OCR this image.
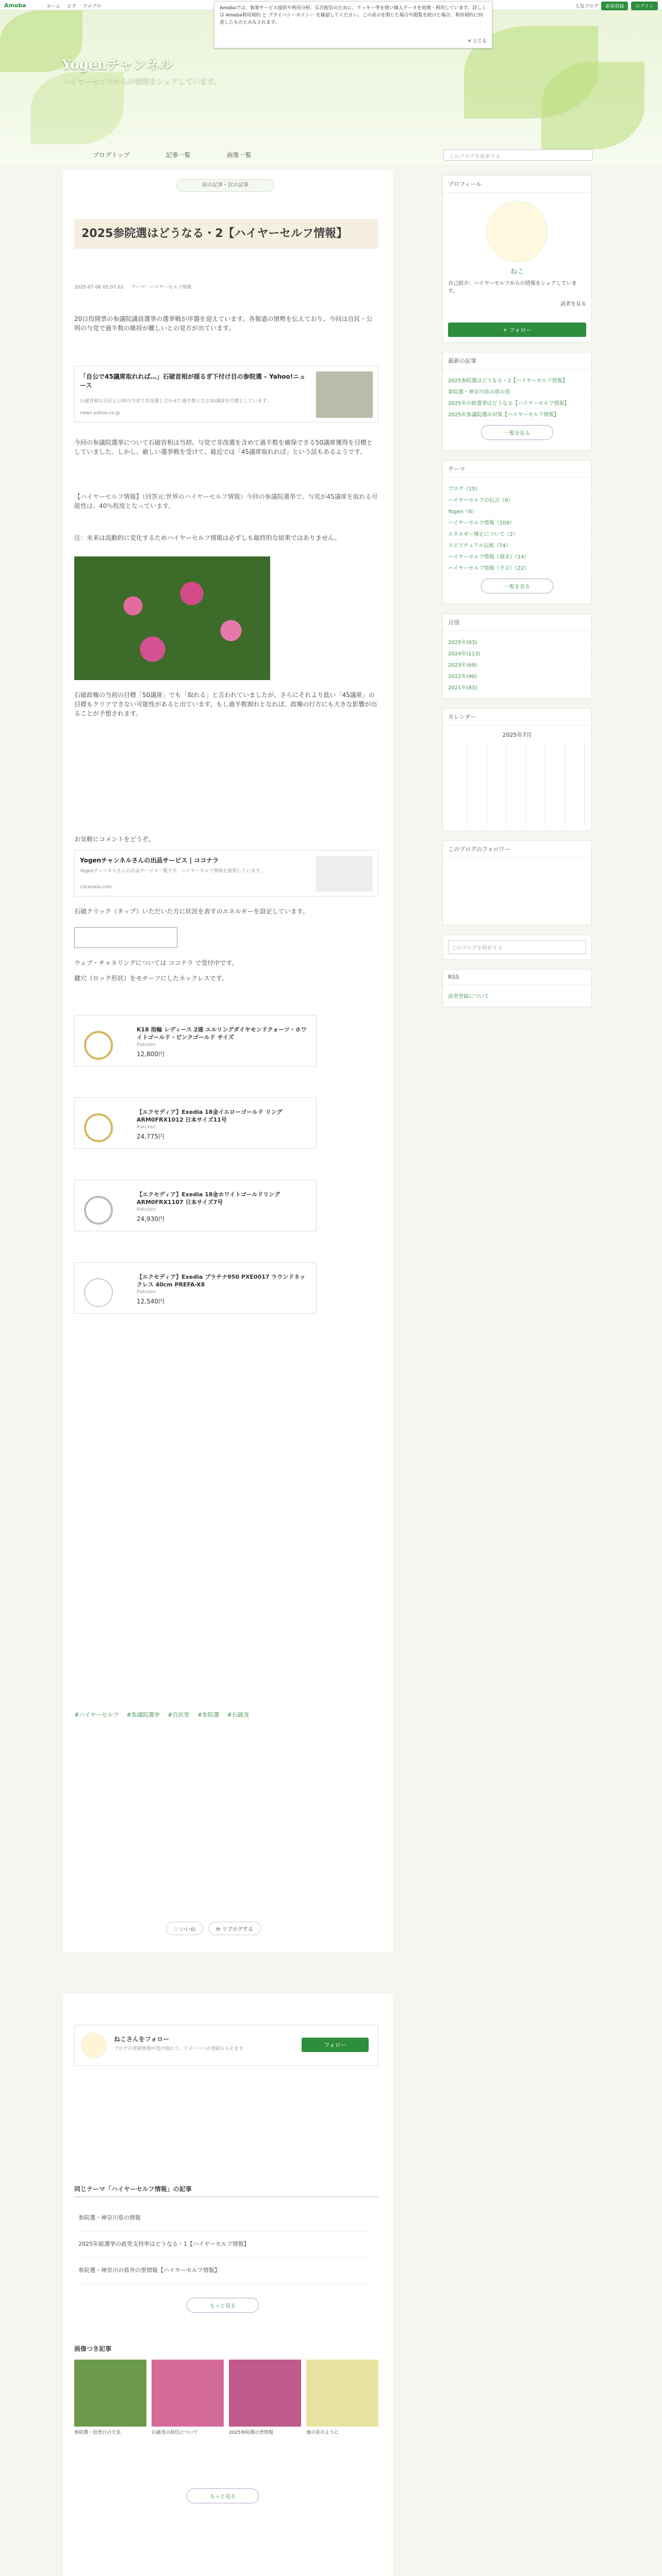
Ameba	ホーム ピグ アメブロ	人気ブログ	新規登録	ログイン
Yogenチャンネル
ハイヤーセルフからの情報をシェアしています。
ブログトップ	記事一覧	画像一覧	このブログを検索する
Amebaでは、執筆サービス提供や利用分析、広告配信のために、クッキー等を使い個人データを処理・利用しています。詳しくは Ameba利用規約 と プライバシーポリシー を確認してください。この表示を閉じた場合や閲覧を続けた場合、利用規約に同意したものとみなされます。
× とじる
前の記事・次の記事
2025参院選はどうなる・2【ハイヤーセルフ情報】
2025-07-06 05:07:02 テーマ：ハイヤーセルフ情報
20日投開票の参議院議員選挙の選挙戦が序盤を迎えています。各報道の情勢を伝えており、今回は自民・公明の与党で過半数の維持が難しいとの見方が出ています。
「自公で45議席取れれば…」石破首相が揺るぎ下付け目の参院選 – Yahoo!ニュース
石破首相は自民と公明の与党で非改選と合わせた過半数となる50議席を目標としています。
news.yahoo.co.jp
今回の参議院選挙について石破首相は当初、与党で非改選を含めて過半数を確保できる50議席獲得を目標としていました。しかし、厳しい選挙戦を受けて、最近では「45議席取れれば」という話もあるようです。
【ハイヤーセルフ情報】（回答元:世界のハイヤーセルフ情報）今回の参議院選挙で、与党が45議席を取れる可能性は、40％程度となっています。
注：未来は流動的に変化するためハイヤーセルフ情報は必ずしも最終的な結果ではありません。
石破政権の当初の目標「50議席」でも「取れる」と言われていましたが、さらにそれより低い「45議席」の目標もクリアできない可能性があると出ています。もし過半数割れとなれば、政権の行方にも大きな影響が出ることが予想されます。
お気軽にコメントをどうぞ。
Yogenチャンネルさんの出品サービス | ココナラ
Yogenチャンネルさんの出品サービス一覧です。ハイヤーセルフ情報を提供しています。
coconala.com
石破クリック（タップ）いただいた方に状況を表すのエネルギーを設定しています。
ウェブ・チャネリングについては ココナラ で受付中です。
鍵穴（ロック形状）をモチーフにしたネックレスです。
K18 指輪 レディース 2連 エルリングダイヤモンドクォーツ・ホワイトゴールド・ピンクゴールド サイズ
Rakuten
12,800円
【エクセディア】Exedia 18金イエローゴールド リング ARM0FRX1012 日本サイズ11号
Rakuten
24,775円
【エクセディア】Exedia 18金ホワイトゴールドリング ARM0FRX1107 日本サイズ7号
Rakuten
24,930円
【エクセディア】Exedia プラチナ950 PXE0017 ラウンドネックレス 40cm PREFA-X8
Rakuten
12,540円
#ハイヤーセルフ #参議院選挙 #自民党 #参院選 #石破茂
♡ いいね	⟳ リブログする
ねこさんをフォロー
ブログの更新情報が受け取れて、アメーバへの登録もらえます
フォロー
同じテーマ「ハイヤーセルフ情報」の記事
参院選・神奈川県の情報
2025年総選挙の政党支持率はどうなる・1【ハイヤーセルフ情報】
参院選・神奈川の県外の票情報【ハイヤーセルフ情報】
もっと見る
画像つき記事
参院選・投票日の天気	石破茂の辞任について	2025参院選の票情報	連の花のように
もっと見る
プロフィール
ねこ
自己紹介：ハイヤーセルフからの情報をシェアしています。
読者を見る
+ フォロー
最新の記事
2025参院選はどうなる・2【ハイヤーセルフ情報】
参院選・神奈川県の票の票
2025年の総選挙はどうなる【ハイヤーセルフ情報】
2025年参議院選の対策【ハイヤーセルフ情報】
一覧を見る
テーマ
ブログ（15）
ハイヤーセルフの伝言（9）
Yogen（6）
ハイヤーセルフ情報（109）
エネルギー修正について（2）
スピリチュアル伝統（74）
ハイヤーセルフ情報（週末）（14）
ハイヤーセルフ情報（予言）（22）
一覧を見る
月別
2025年(93)
2024年(113)
2023年(69)
2022年(90)
2021年(83)
カレンダー
2025年7月
このブログのフォロワー
このブログを検索する
RSS
読者登録について
